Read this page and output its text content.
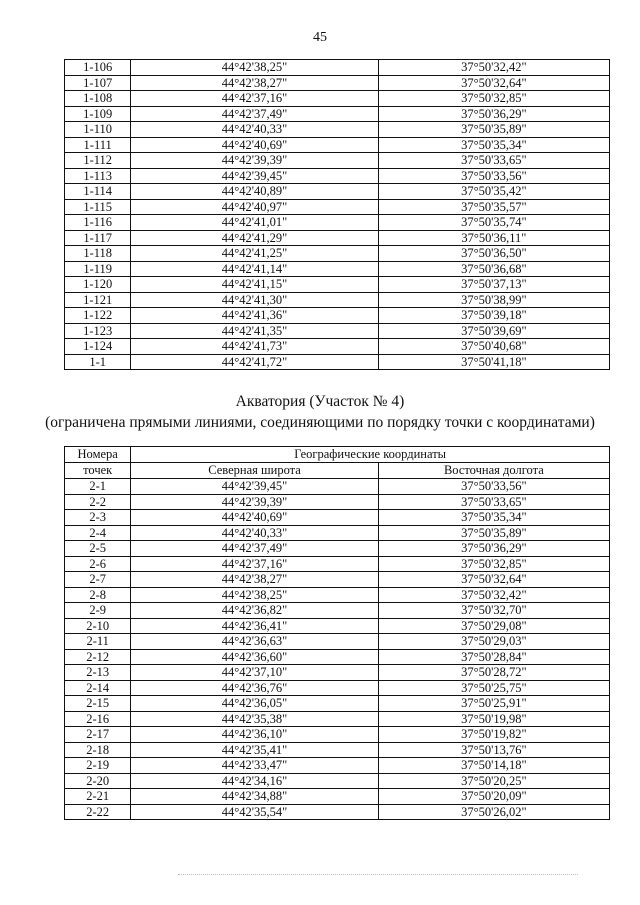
45
1-106	44°42'38,25"	37°50'32,42"
1-107	44°42'38,27"	37°50'32,64"
1-108	44°42'37,16"	37°50'32,85"
1-109	44°42'37,49"	37°50'36,29"
1-110	44°42'40,33"	37°50'35,89"
1-111	44°42'40,69"	37°50'35,34"
1-112	44°42'39,39"	37°50'33,65"
1-113	44°42'39,45"	37°50'33,56"
1-114	44°42'40,89"	37°50'35,42"
1-115	44°42'40,97"	37°50'35,57"
1-116	44°42'41,01"	37°50'35,74"
1-117	44°42'41,29"	37°50'36,11"
1-118	44°42'41,25"	37°50'36,50"
1-119	44°42'41,14"	37°50'36,68"
1-120	44°42'41,15"	37°50'37,13"
1-121	44°42'41,30"	37°50'38,99"
1-122	44°42'41,36"	37°50'39,18"
1-123	44°42'41,35"	37°50'39,69"
1-124	44°42'41,73"	37°50'40,68"
1-1	44°42'41,72"	37°50'41,18"
Акватория (Участок № 4)
(ограничена прямыми линиями, соединяющими по порядку точки с координатами)
Номера	Географические координаты	
точек	Северная широта	Восточная долгота
2-1	44°42'39,45"	37°50'33,56"
2-2	44°42'39,39"	37°50'33,65"
2-3	44°42'40,69"	37°50'35,34"
2-4	44°42'40,33"	37°50'35,89"
2-5	44°42'37,49"	37°50'36,29"
2-6	44°42'37,16"	37°50'32,85"
2-7	44°42'38,27"	37°50'32,64"
2-8	44°42'38,25"	37°50'32,42"
2-9	44°42'36,82"	37°50'32,70"
2-10	44°42'36,41"	37°50'29,08"
2-11	44°42'36,63"	37°50'29,03"
2-12	44°42'36,60"	37°50'28,84"
2-13	44°42'37,10"	37°50'28,72"
2-14	44°42'36,76"	37°50'25,75"
2-15	44°42'36,05"	37°50'25,91"
2-16	44°42'35,38"	37°50'19,98"
2-17	44°42'36,10"	37°50'19,82"
2-18	44°42'35,41"	37°50'13,76"
2-19	44°42'33,47"	37°50'14,18"
2-20	44°42'34,16"	37°50'20,25"
2-21	44°42'34,88"	37°50'20,09"
2-22	44°42'35,54"	37°50'26,02"
